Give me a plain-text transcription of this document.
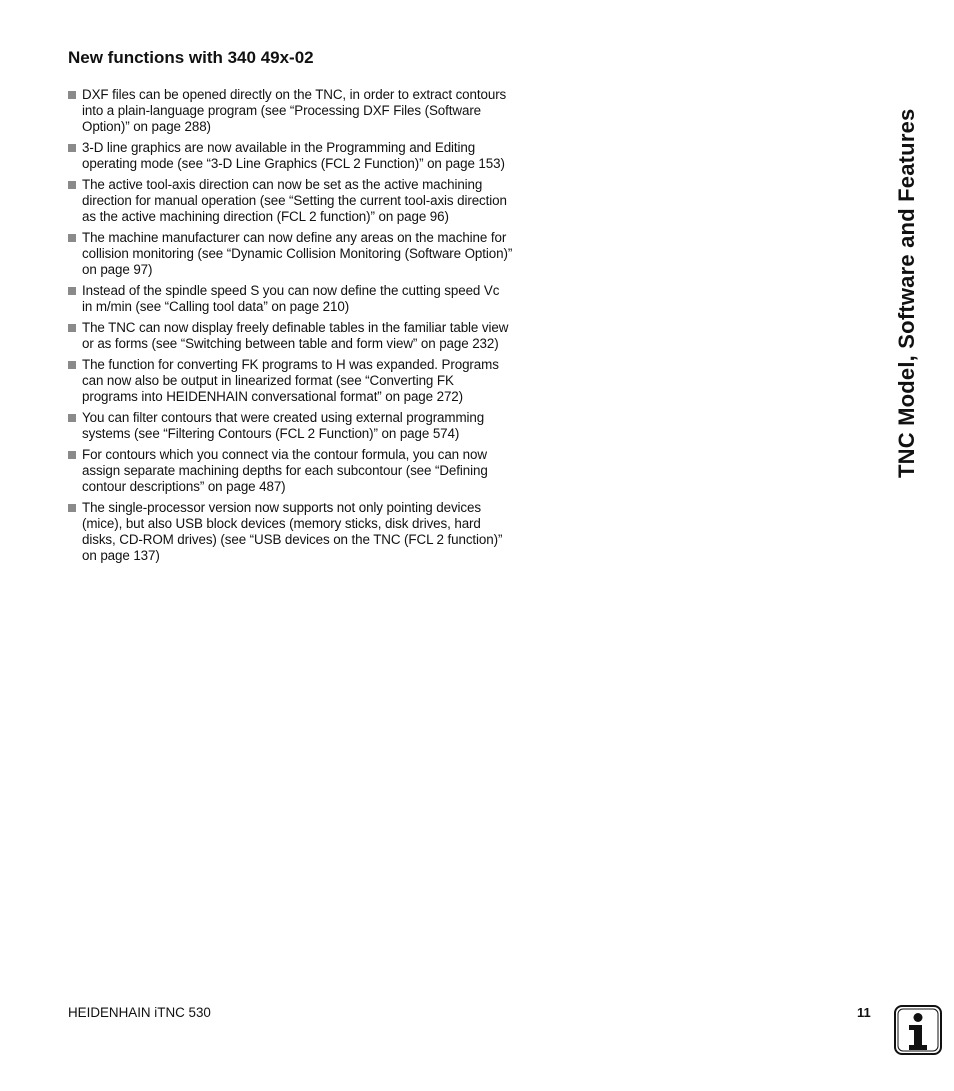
New functions with 340 49x-02
DXF files can be opened directly on the TNC, in order to extract contours into a plain-language program (see “Processing DXF Files (Software Option)” on page 288)
3-D line graphics are now available in the Programming and Editing operating mode (see “3-D Line Graphics (FCL 2 Function)” on page 153)
The active tool-axis direction can now be set as the active machining direction for manual operation (see “Setting the current tool-axis direction as the active machining direction (FCL 2 function)” on page 96)
The machine manufacturer can now define any areas on the machine for collision monitoring (see “Dynamic Collision Monitoring (Software Option)” on page 97)
Instead of the spindle speed S you can now define the cutting speed Vc in m/min (see “Calling tool data” on page 210)
The TNC can now display freely definable tables in the familiar table view or as forms (see “Switching between table and form view” on page 232)
The function for converting FK programs to H was expanded. Programs can now also be output in linearized format (see “Converting FK programs into HEIDENHAIN conversational format” on page 272)
You can filter contours that were created using external programming systems (see “Filtering Contours (FCL 2 Function)” on page 574)
For contours which you connect via the contour formula, you can now assign separate machining depths for each subcontour (see “Defining contour descriptions” on page 487)
The single-processor version now supports not only pointing devices (mice), but also USB block devices (memory sticks, disk drives, hard disks, CD-ROM drives) (see “USB devices on the TNC (FCL 2 function)” on page 137)
TNC Model, Software and Features
HEIDENHAIN iTNC 530	11
